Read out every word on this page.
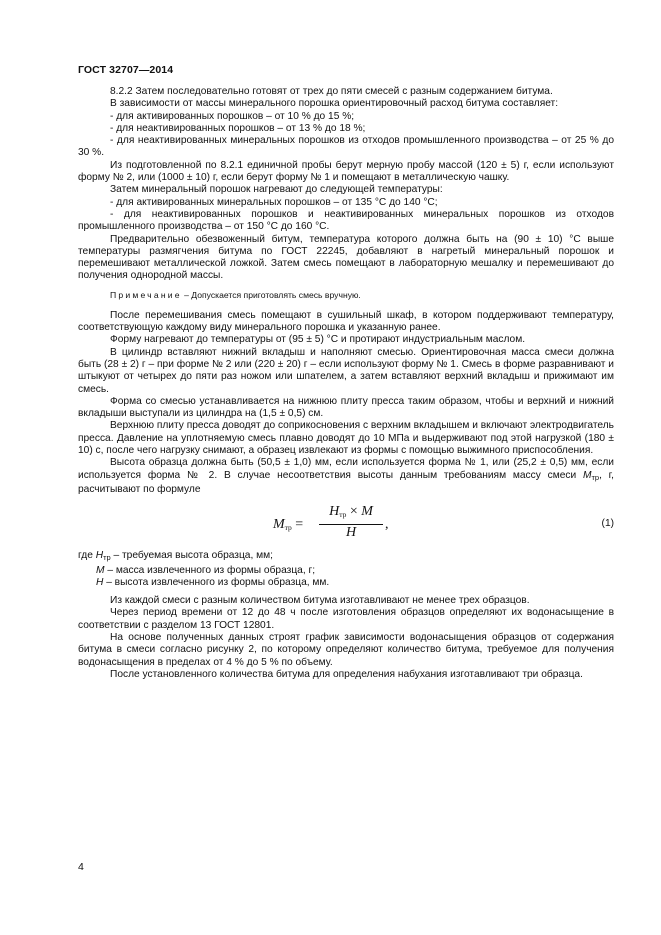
ГОСТ 32707—2014

8.2.2 Затем последовательно готовят от трех до пяти смесей с разным содержанием битума.

В зависимости от массы минерального порошка ориентировочный расход битума составляет:

- для активированных порошков – от 10 % до 15 %;

- для неактивированных порошков – от 13 % до 18 %;

- для неактивированных минеральных порошков из отходов промышленного производства – от 25 % до 30 %.

Из подготовленной по 8.2.1 единичной пробы берут мерную пробу массой (120 ± 5) г, если используют форму № 2, или (1000 ± 10) г, если берут форму № 1 и помещают в металлическую чашку.

Затем минеральный порошок нагревают до следующей температуры:

- для активированных минеральных порошков – от 135 °С до 140 °С;

- для неактивированных порошков и неактивированных минеральных порошков из отходов промышленного производства – от 150 °С до 160 °С.

Предварительно обезвоженный битум, температура которого должна быть на (90 ± 10) °С выше температуры размягчения битума по ГОСТ 22245, добавляют в нагретый минеральный порошок и перемешивают металлической ложкой. Затем смесь помещают в лабораторную мешалку и перемешивают до получения однородной массы.

Примечание – Допускается приготовлять смесь вручную.

После перемешивания смесь помещают в сушильный шкаф, в котором поддерживают температуру, соответствующую каждому виду минерального порошка и указанную ранее.

Форму нагревают до температуры от (95 ± 5) °С и протирают индустриальным маслом.

В цилиндр вставляют нижний вкладыш и наполняют смесью. Ориентировочная масса смеси должна быть (28 ± 2) г – при форме № 2 или (220 ± 20) г – если используют форму № 1. Смесь в форме разравнивают и штыкуют от четырех до пяти раз ножом или шпателем, а затем вставляют верхний вкладыш и прижимают им смесь.

Форма со смесью устанавливается на нижнюю плиту пресса таким образом, чтобы и верхний и нижний вкладыши выступали из цилиндра на (1,5 ± 0,5) см.

Верхнюю плиту пресса доводят до соприкосновения с верхним вкладышем и включают электродвигатель пресса. Давление на уплотняемую смесь плавно доводят до 10 МПа и выдерживают под этой нагрузкой (180 ± 10) с, после чего нагрузку снимают, а образец извлекают из формы с помощью выжимного приспособления.

Высота образца должна быть (50,5 ± 1,0) мм, если используется форма № 1, или (25,2 ± 0,5) мм, если используется форма № 2. В случае несоответствия высоты данным требованиям массу смеси $M_{тр}$, г, расчитывают по формуле

$M_{тр}$ =
$H_{тр} \times M$
H	,	(1)

где $H_{тр}$ – требуемая высота образца, мм;

M – масса извлеченного из формы образца, г;

H – высота извлеченного из формы образца, мм.

Из каждой смеси с разным количеством битума изготавливают не менее трех образцов.

Через период времени от 12 до 48 ч после изготовления образцов определяют их водонасыщение в соответствии с разделом 13 ГОСТ 12801.

На основе полученных данных строят график зависимости водонасыщения образцов от содержания битума в смеси согласно рисунку 2, по которому определяют количество битума, требуемое для получения водонасыщения в пределах от 4 % до 5 % по объему.

После установленного количества битума для определения набухания изготавливают три образца.

4
